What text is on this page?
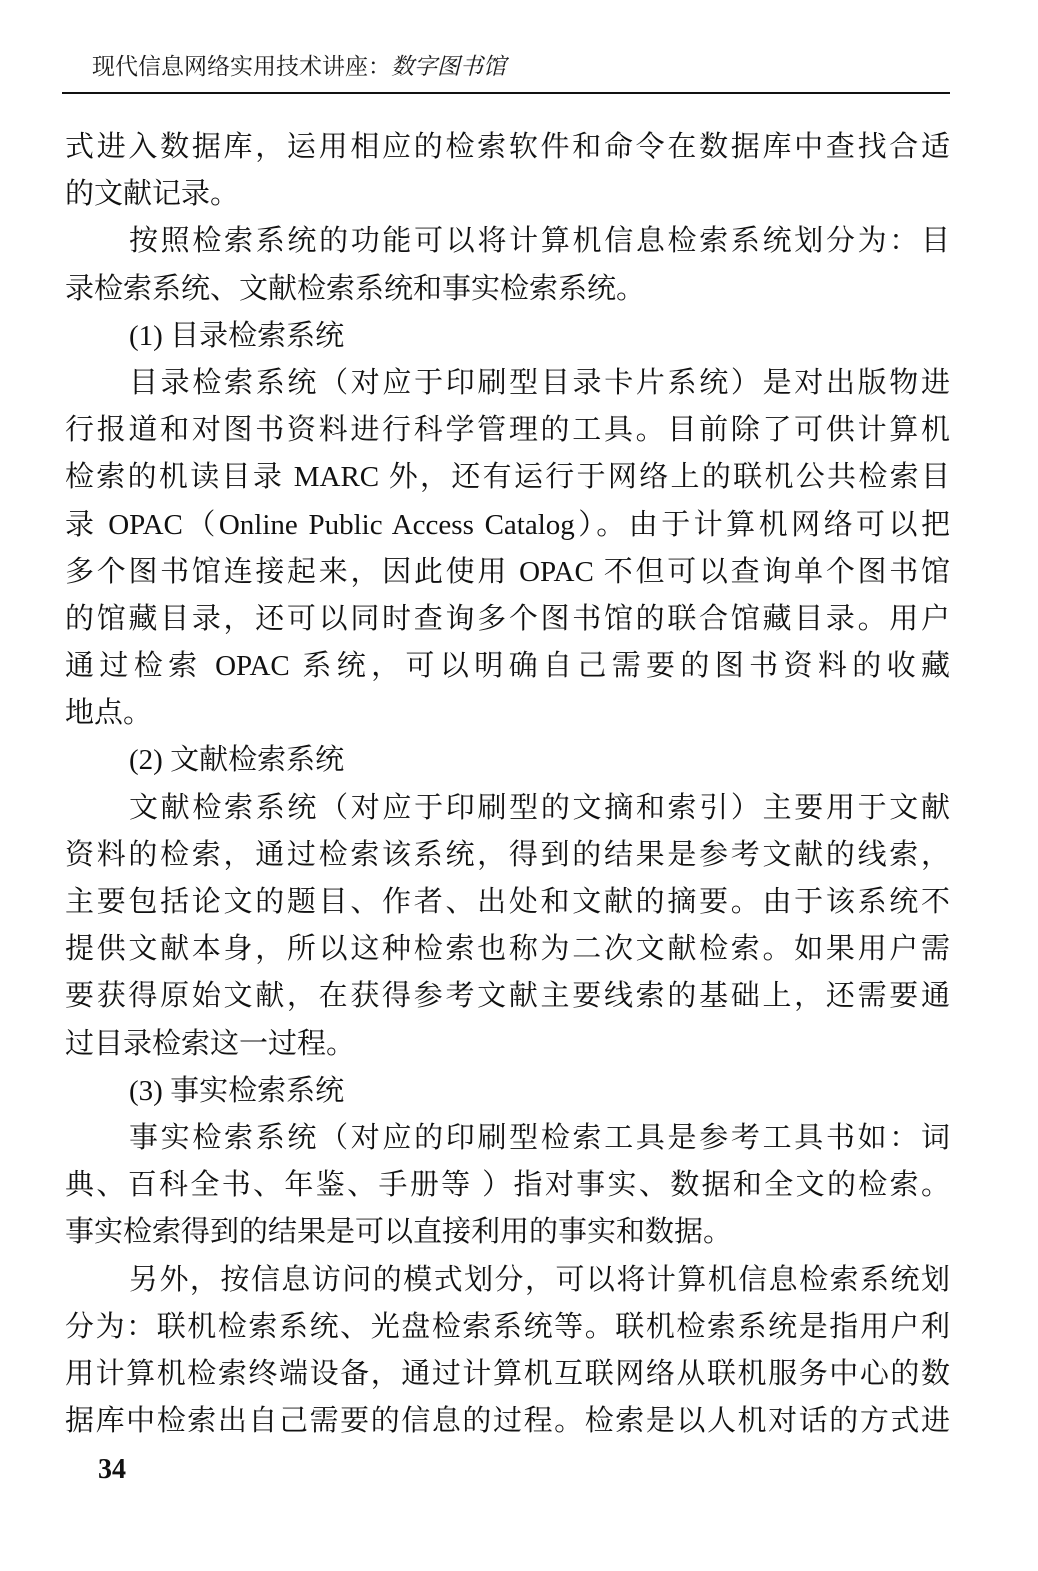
现代信息网络实用技术讲座：数字图书馆
式进入数据库，运用相应的检索软件和命令在数据库中查找合适
的文献记录。
按照检索系统的功能可以将计算机信息检索系统划分为：目
录检索系统、文献检索系统和事实检索系统。
(1) 目录检索系统
目录检索系统（对应于印刷型目录卡片系统）是对出版物进
行报道和对图书资料进行科学管理的工具。目前除了可供计算机
检索的机读目录 MARC 外，还有运行于网络上的联机公共检索目
录 OPAC（Online Public Access Catalog）。由于计算机网络可以把
多个图书馆连接起来，因此使用 OPAC 不但可以查询单个图书馆
的馆藏目录，还可以同时查询多个图书馆的联合馆藏目录。用户
通过检索 OPAC 系统，可以明确自己需要的图书资料的收藏
地点。
(2) 文献检索系统
文献检索系统（对应于印刷型的文摘和索引）主要用于文献
资料的检索，通过检索该系统，得到的结果是参考文献的线索，
主要包括论文的题目、作者、出处和文献的摘要。由于该系统不
提供文献本身，所以这种检索也称为二次文献检索。如果用户需
要获得原始文献，在获得参考文献主要线索的基础上，还需要通
过目录检索这一过程。
(3) 事实检索系统
事实检索系统（对应的印刷型检索工具是参考工具书如：词
典、百科全书、年鉴、手册等 ）指对事实、数据和全文的检索。
事实检索得到的结果是可以直接利用的事实和数据。
另外，按信息访问的模式划分，可以将计算机信息检索系统划
分为：联机检索系统、光盘检索系统等。联机检索系统是指用户利
用计算机检索终端设备，通过计算机互联网络从联机服务中心的数
据库中检索出自己需要的信息的过程。检索是以人机对话的方式进
34
